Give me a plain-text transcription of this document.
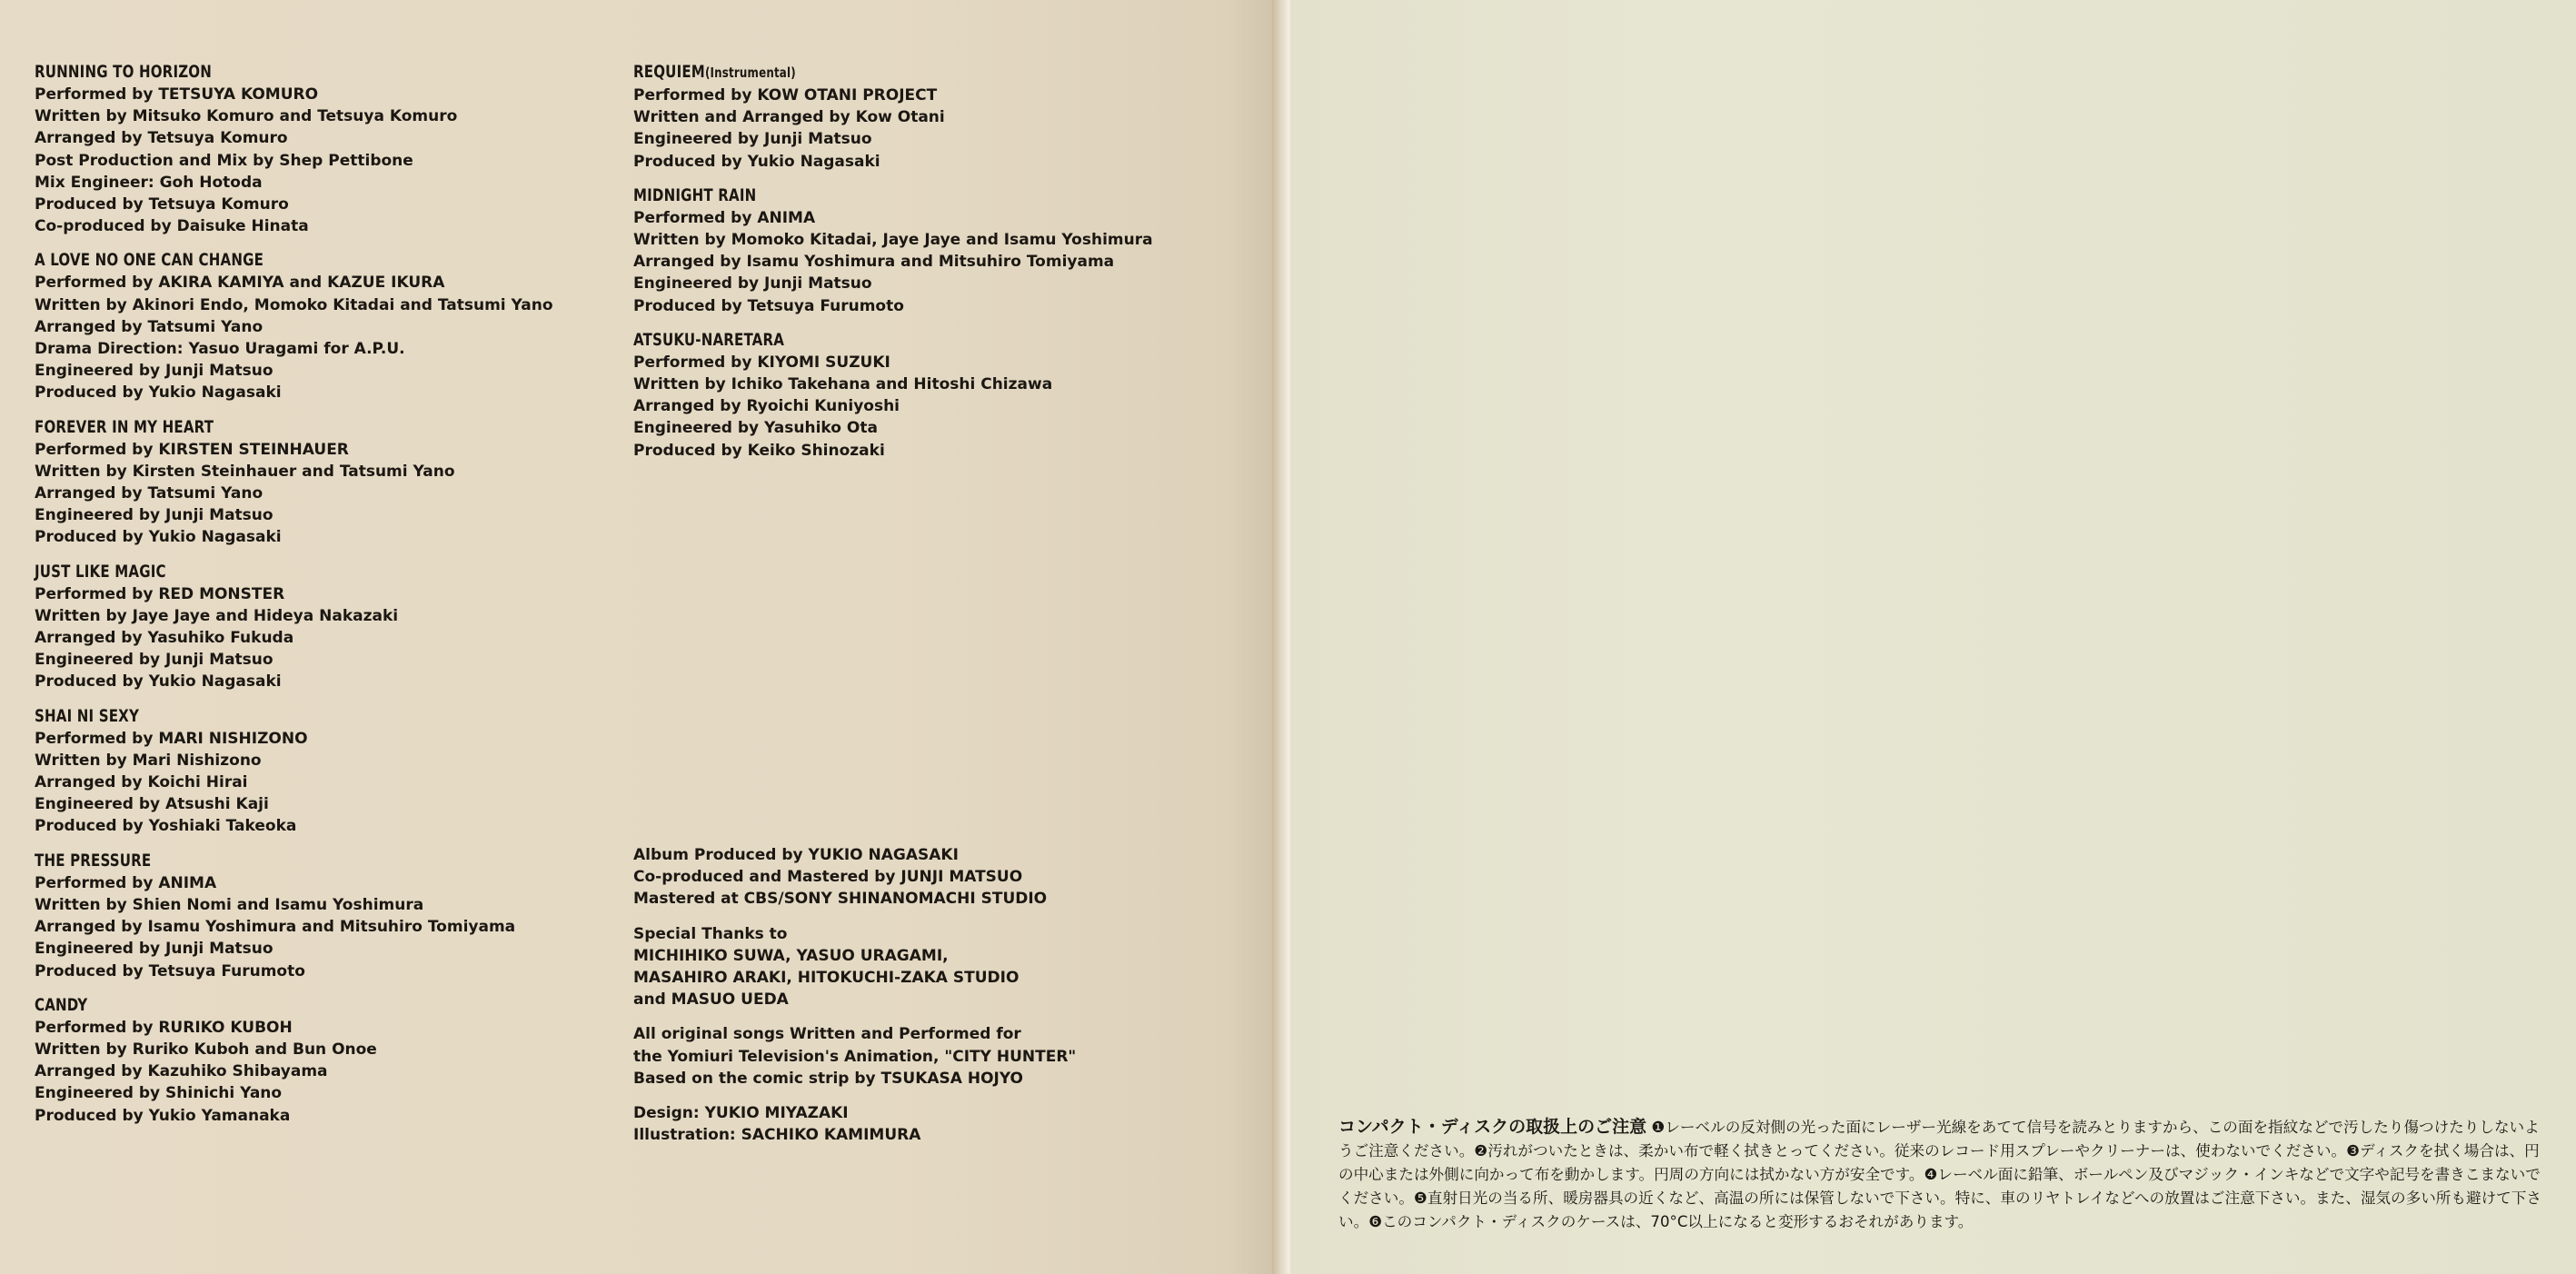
RUNNING TO HORIZON
Performed by TETSUYA KOMURO
Written by Mitsuko Komuro and Tetsuya Komuro
Arranged by Tetsuya Komuro
Post Production and Mix by Shep Pettibone
Mix Engineer: Goh Hotoda
Produced by Tetsuya Komuro
Co-produced by Daisuke Hinata
A LOVE NO ONE CAN CHANGE
Performed by AKIRA KAMIYA and KAZUE IKURA
Written by Akinori Endo, Momoko Kitadai and Tatsumi Yano
Arranged by Tatsumi Yano
Drama Direction: Yasuo Uragami for A.P.U.
Engineered by Junji Matsuo
Produced by Yukio Nagasaki
FOREVER IN MY HEART
Performed by KIRSTEN STEINHAUER
Written by Kirsten Steinhauer and Tatsumi Yano
Arranged by Tatsumi Yano
Engineered by Junji Matsuo
Produced by Yukio Nagasaki
JUST LIKE MAGIC
Performed by RED MONSTER
Written by Jaye Jaye and Hideya Nakazaki
Arranged by Yasuhiko Fukuda
Engineered by Junji Matsuo
Produced by Yukio Nagasaki
SHAI NI SEXY
Performed by MARI NISHIZONO
Written by Mari Nishizono
Arranged by Koichi Hirai
Engineered by Atsushi Kaji
Produced by Yoshiaki Takeoka
THE PRESSURE
Performed by ANIMA
Written by Shien Nomi and Isamu Yoshimura
Arranged by Isamu Yoshimura and Mitsuhiro Tomiyama
Engineered by Junji Matsuo
Produced by Tetsuya Furumoto
CANDY
Performed by RURIKO KUBOH
Written by Ruriko Kuboh and Bun Onoe
Arranged by Kazuhiko Shibayama
Engineered by Shinichi Yano
Produced by Yukio Yamanaka
REQUIEM(Instrumental)
Performed by KOW OTANI PROJECT
Written and Arranged by Kow Otani
Engineered by Junji Matsuo
Produced by Yukio Nagasaki
MIDNIGHT RAIN
Performed by ANIMA
Written by Momoko Kitadai, Jaye Jaye and Isamu Yoshimura
Arranged by Isamu Yoshimura and Mitsuhiro Tomiyama
Engineered by Junji Matsuo
Produced by Tetsuya Furumoto
ATSUKU-NARETARA
Performed by KIYOMI SUZUKI
Written by Ichiko Takehana and Hitoshi Chizawa
Arranged by Ryoichi Kuniyoshi
Engineered by Yasuhiko Ota
Produced by Keiko Shinozaki
Album Produced by YUKIO NAGASAKI
Co-produced and Mastered by JUNJI MATSUO
Mastered at CBS/SONY SHINANOMACHI STUDIO
Special Thanks to
MICHIHIKO SUWA, YASUO URAGAMI,
MASAHIRO ARAKI, HITOKUCHI-ZAKA STUDIO
and MASUO UEDA
All original songs Written and Performed for
the Yomiuri Television's Animation, "CITY HUNTER"
Based on the comic strip by TSUKASA HOJYO
Design: YUKIO MIYAZAKI
Illustration: SACHIKO KAMIMURA	コンパクト・ディスクの取扱上のご注意 ❶レーベルの反対側の光った面にレーザー光線をあてて信号を読みとりますから、この面を指紋などで汚したり傷つけたりしないようご注意ください。❷汚れがついたときは、柔かい布で軽く拭きとってください。従来のレコード用スプレーやクリーナーは、使わないでください。❸ディスクを拭く場合は、円の中心または外側に向かって布を動かします。円周の方向には拭かない方が安全です。❹レーベル面に鉛筆、ボールペン及びマジック・インキなどで文字や記号を書きこまないでください。❺直射日光の当る所、暖房器具の近くなど、高温の所には保管しないで下さい。特に、車のリヤトレイなどへの放置はご注意下さい。また、湿気の多い所も避けて下さい。❻このコンパクト・ディスクのケースは、70°C以上になると変形するおそれがあります。
